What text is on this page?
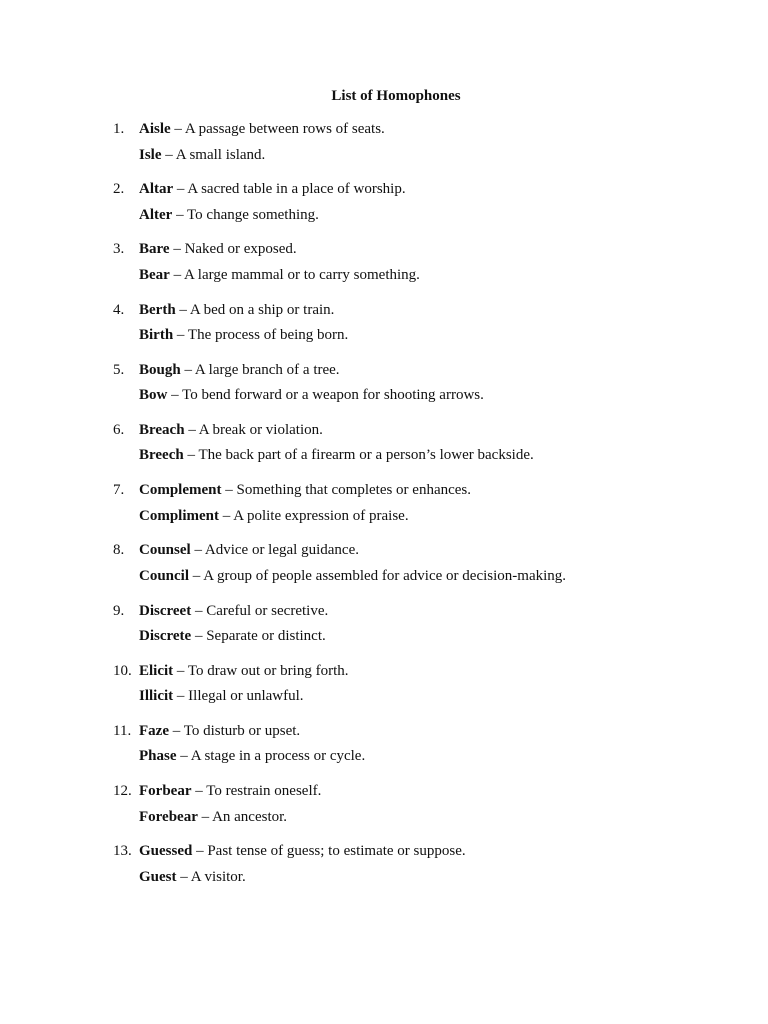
List of Homophones
1. Aisle – A passage between rows of seats.
Isle – A small island.
2. Altar – A sacred table in a place of worship.
Alter – To change something.
3. Bare – Naked or exposed.
Bear – A large mammal or to carry something.
4. Berth – A bed on a ship or train.
Birth – The process of being born.
5. Bough – A large branch of a tree.
Bow – To bend forward or a weapon for shooting arrows.
6. Breach – A break or violation.
Breech – The back part of a firearm or a person’s lower backside.
7. Complement – Something that completes or enhances.
Compliment – A polite expression of praise.
8. Counsel – Advice or legal guidance.
Council – A group of people assembled for advice or decision-making.
9. Discreet – Careful or secretive.
Discrete – Separate or distinct.
10. Elicit – To draw out or bring forth.
Illicit – Illegal or unlawful.
11. Faze – To disturb or upset.
Phase – A stage in a process or cycle.
12. Forbear – To restrain oneself.
Forebear – An ancestor.
13. Guessed – Past tense of guess; to estimate or suppose.
Guest – A visitor.
